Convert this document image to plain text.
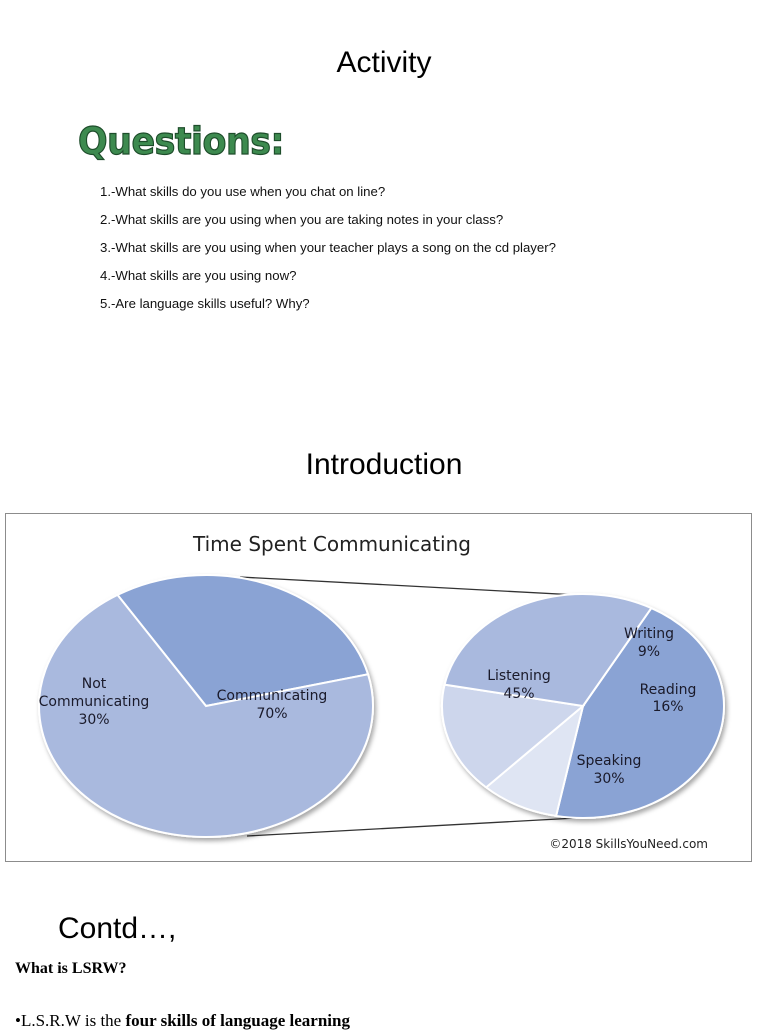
Activity
Questions:
1.-What skills do you use when you chat on line?
2.-What skills are you using when you are taking notes in your class?
3.-What skills are you using when your teacher plays a song on the cd player?
4.-What skills are you using now?
5.-Are language skills useful? Why?
Introduction
Time Spent Communicating
Not
Communicating
30%
Communicating
70%
Listening
45%
Writing
9%
Reading
16%
Speaking
30%
©2018 SkillsYouNeed.com
Contd…,
What is LSRW?
•L.S.R.W is the four skills of language learning
